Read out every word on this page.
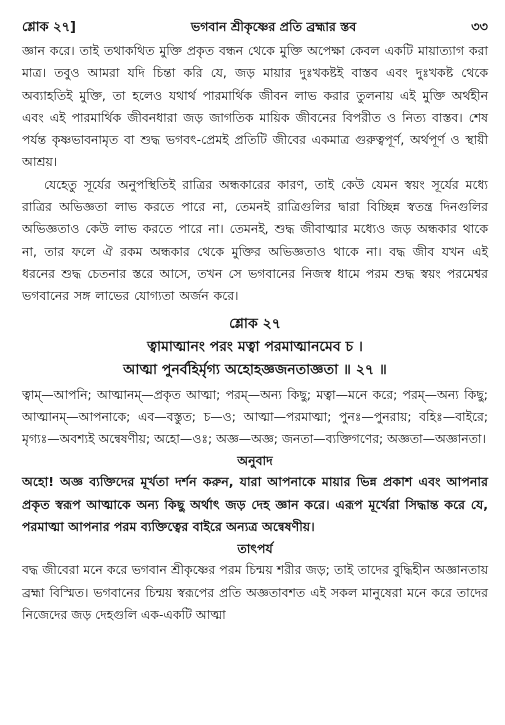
শ্লোক ২৭]	ভগবান শ্রীকৃষ্ণের প্রতি ব্রহ্মার স্তব	৩৩

জ্ঞান করে। তাই তথাকথিত মুক্তি প্রকৃত বন্ধন থেকে মুক্তি অপেক্ষা কেবল একটি মায়াত্যাগ করা মাত্র। তবুও আমরা যদি চিন্তা করি যে, জড় মায়ার দুঃখকষ্টই বাস্তব এবং দুঃখকষ্ট থেকে অব্যাহতিই মুক্তি, তা হলেও যথার্থ পারমার্থিক জীবন লাভ করার তুলনায় এই মুক্তি অর্থহীন এবং এই পারমার্থিক জীবনধারা জড় জাগতিক মায়িক জীবনের বিপরীত ও নিত্য বাস্তব। শেষ পর্যন্ত কৃষ্ণভাবনামৃত বা শুদ্ধ ভগবৎ-প্রেমই প্রতিটি জীবের একমাত্র গুরুত্বপূর্ণ, অর্থপূর্ণ ও স্থায়ী আশ্রয়।

যেহেতু সূর্যের অনুপস্থিতিই রাত্রির অন্ধকারের কারণ, তাই কেউ যেমন স্বয়ং সূর্যের মধ্যে রাত্রির অভিজ্ঞতা লাভ করতে পারে না, তেমনই রাত্রিগুলির দ্বারা বিচ্ছিন্ন স্বতন্ত্র দিনগুলির অভিজ্ঞতাও কেউ লাভ করতে পারে না। তেমনই, শুদ্ধ জীবাত্মার মধ্যেও জড় অন্ধকার থাকে না, তার ফলে ঐ রকম অন্ধকার থেকে মুক্তির অভিজ্ঞতাও থাকে না। বদ্ধ জীব যখন এই ধরনের শুদ্ধ চেতনার স্তরে আসে, তখন সে ভগবানের নিজস্ব ধামে পরম শুদ্ধ স্বয়ং পরমেশ্বর ভগবানের সঙ্গ লাভের যোগ্যতা অর্জন করে।

শ্লোক ২৭

ত্বামাত্মানং পরং মত্বা পরমাত্মানমেব চ ।

আত্মা পুনর্বহির্মৃগ্য অহোহজ্ঞজনতাজ্ঞতা ॥ ২৭ ॥

ত্বাম্—আপনি; আত্মানম্—প্রকৃত আত্মা; পরম্—অন্য কিছু; মত্বা—মনে করে; পরম্—অন্য কিছু; আত্মানম্—আপনাকে; এব—বস্তুত; চ—ও; আত্মা—পরমাত্মা; পুনঃ—পুনরায়; বহিঃ—বাইরে; মৃগ্যঃ—অবশ্যই অন্বেষণীয়; অহো—ওঃ; অজ্ঞ—অজ্ঞ; জনতা—ব্যক্তিগণের; অজ্ঞতা—অজ্ঞানতা।

অনুবাদ

অহো! অজ্ঞ ব্যক্তিদের মূর্খতা দর্শন করুন, যারা আপনাকে মায়ার ভিন্ন প্রকাশ এবং আপনার প্রকৃত স্বরূপ আত্মাকে অন্য কিছু অর্থাৎ জড় দেহ জ্ঞান করে। এরূপ মূর্খেরা সিদ্ধান্ত করে যে, পরমাত্মা আপনার পরম ব্যক্তিত্বের বাইরে অন্যত্র অন্বেষণীয়।

তাৎপর্য

বদ্ধ জীবেরা মনে করে ভগবান শ্রীকৃষ্ণের পরম চিন্ময় শরীর জড়; তাই তাদের বুদ্ধিহীন অজ্ঞানতায় ব্রহ্মা বিস্মিত। ভগবানের চিন্ময় স্বরূপের প্রতি অজ্ঞতাবশত এই সকল মানুষেরা মনে করে তাদের নিজেদের জড় দেহগুলি এক-একটি আত্মা
